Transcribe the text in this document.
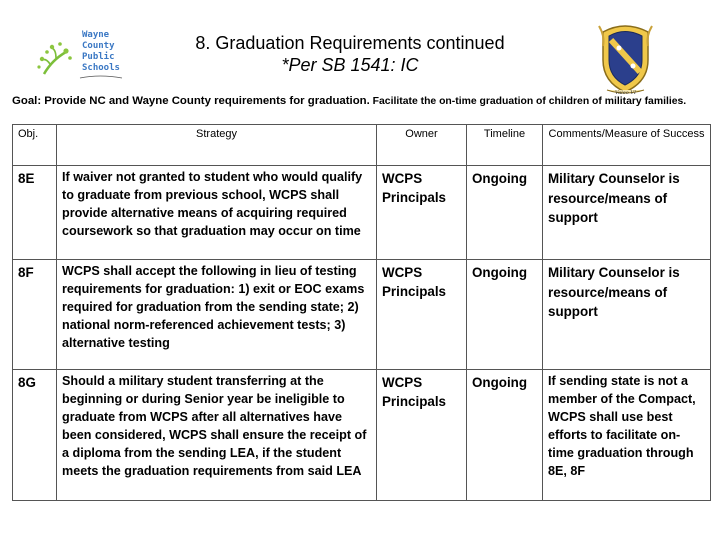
Wayne
County
Public
Schools
8. Graduation Requirements continued
*Per SB 1541: IC
Valeo VI
Goal: Provide NC and Wayne County requirements for graduation. Facilitate the on-time graduation of children of military families.
Obj.	Strategy	Owner	Timeline	Comments/Measure of Success
8E	If waiver not granted to student who would qualify to graduate from previous school, WCPS shall provide alternative means of acquiring required coursework so that graduation may occur on time	WCPS Principals	Ongoing	Military Counselor is resource/means of support
8F	WCPS shall accept the following in lieu of testing requirements for graduation: 1) exit or EOC exams required for graduation from the sending state; 2) national norm-referenced achievement tests; 3) alternative testing	WCPS Principals	Ongoing	Military Counselor is resource/means of support
8G	Should a military student transferring at the beginning or during Senior year be ineligible to graduate from WCPS after all alternatives have been considered, WCPS shall ensure the receipt of a diploma from the sending LEA, if the student meets the graduation requirements from said LEA	WCPS Principals	Ongoing	If sending state is not a member of the Compact, WCPS shall use best efforts to facilitate on-time graduation through 8E, 8F
